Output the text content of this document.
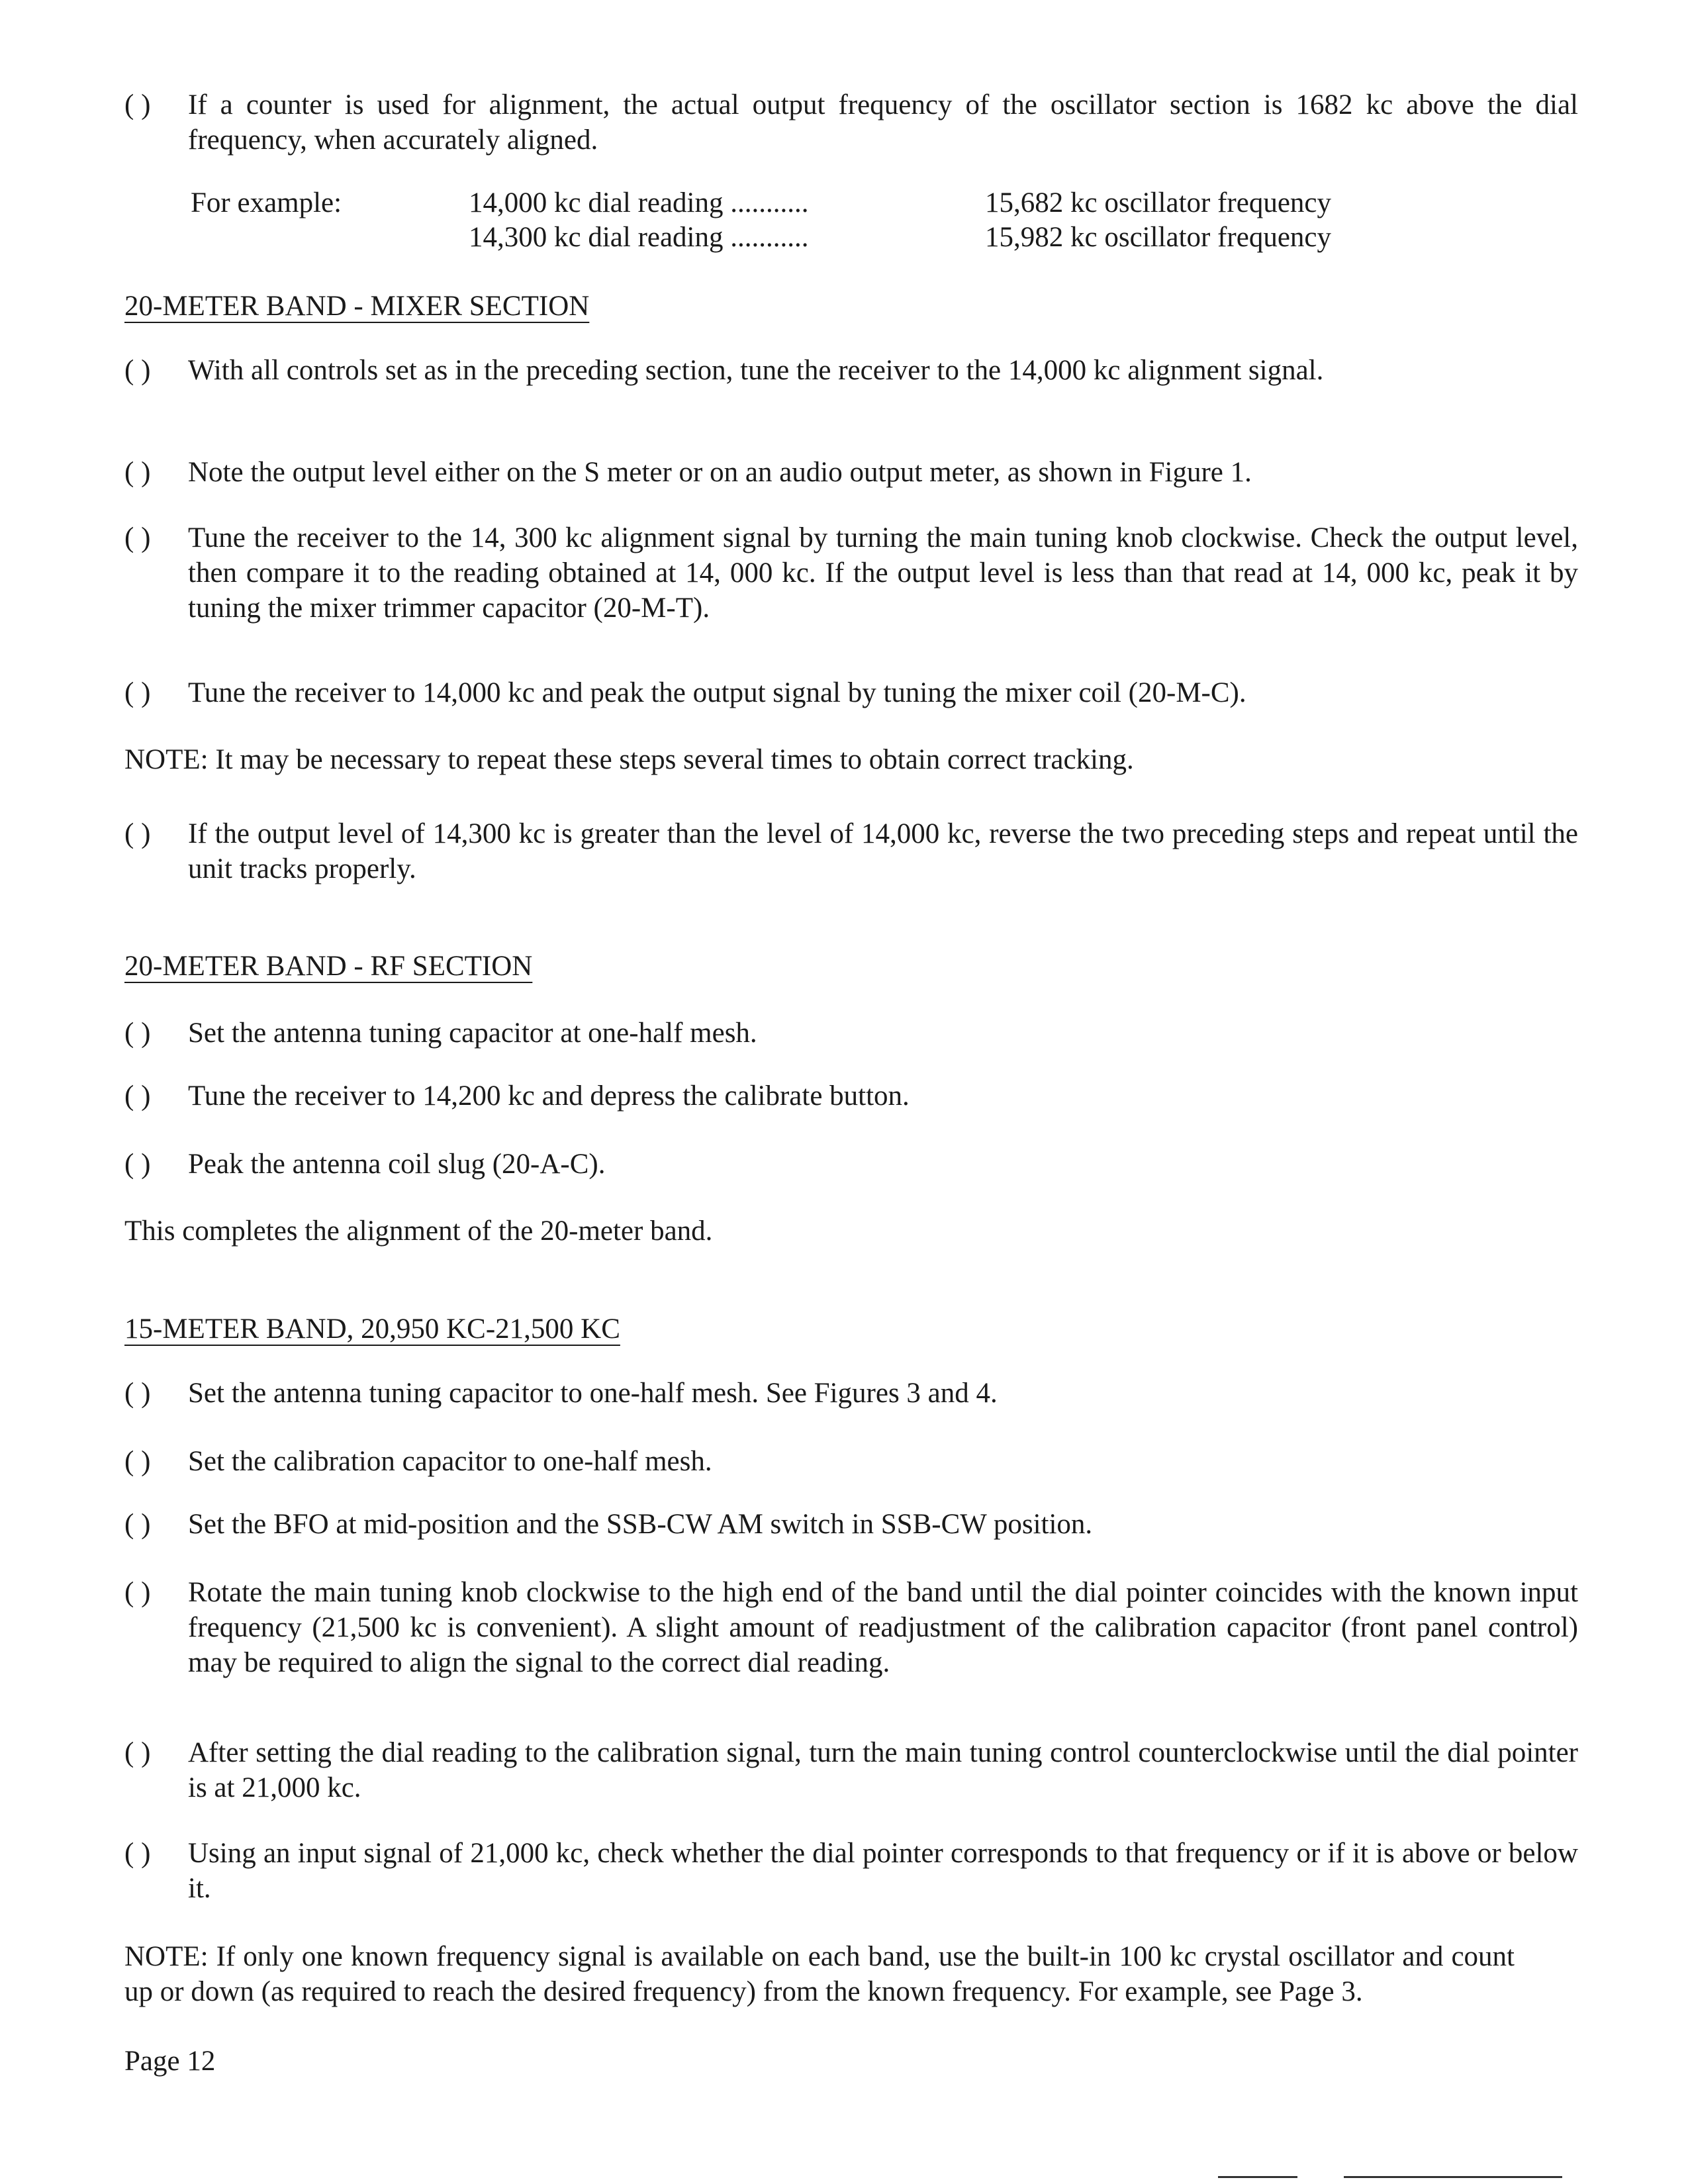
( ) If a counter is used for alignment, the actual output frequency of the oscillator section is 1682 kc above the dial frequency, when accurately aligned.
For example:	14,000 kc dial reading ...........	15,682 kc oscillator frequency
14,300 kc dial reading ...........	15,982 kc oscillator frequency
20-METER BAND - MIXER SECTION
( ) With all controls set as in the preceding section, tune the receiver to the 14,000 kc alignment signal.
( ) Note the output level either on the S meter or on an audio output meter, as shown in Figure 1.
( ) Tune the receiver to the 14, 300 kc alignment signal by turning the main tuning knob clockwise. Check the output level, then compare it to the reading obtained at 14, 000 kc. If the output level is less than that read at 14, 000 kc, peak it by tuning the mixer trimmer capacitor (20-M-T).
( ) Tune the receiver to 14,000 kc and peak the output signal by tuning the mixer coil (20-M-C).
NOTE: It may be necessary to repeat these steps several times to obtain correct tracking.
( ) If the output level of 14,300 kc is greater than the level of 14,000 kc, reverse the two preceding steps and repeat until the unit tracks properly.
20-METER BAND - RF SECTION
( ) Set the antenna tuning capacitor at one-half mesh.
( ) Tune the receiver to 14,200 kc and depress the calibrate button.
( ) Peak the antenna coil slug (20-A-C).
This completes the alignment of the 20-meter band.
15-METER BAND, 20,950 KC-21,500 KC
( ) Set the antenna tuning capacitor to one-half mesh. See Figures 3 and 4.
( ) Set the calibration capacitor to one-half mesh.
( ) Set the BFO at mid-position and the SSB-CW AM switch in SSB-CW position.
( ) Rotate the main tuning knob clockwise to the high end of the band until the dial pointer coincides with the known input frequency (21,500 kc is convenient). A slight amount of readjustment of the calibration capacitor (front panel control) may be required to align the signal to the correct dial reading.
( ) After setting the dial reading to the calibration signal, turn the main tuning control counterclockwise until the dial pointer is at 21,000 kc.
( ) Using an input signal of 21,000 kc, check whether the dial pointer corresponds to that frequency or if it is above or below it.
NOTE: If only one known frequency signal is available on each band, use the built-in 100 kc crystal oscillator and count up or down (as required to reach the desired frequency) from the known frequency. For example, see Page 3.
Page 12
